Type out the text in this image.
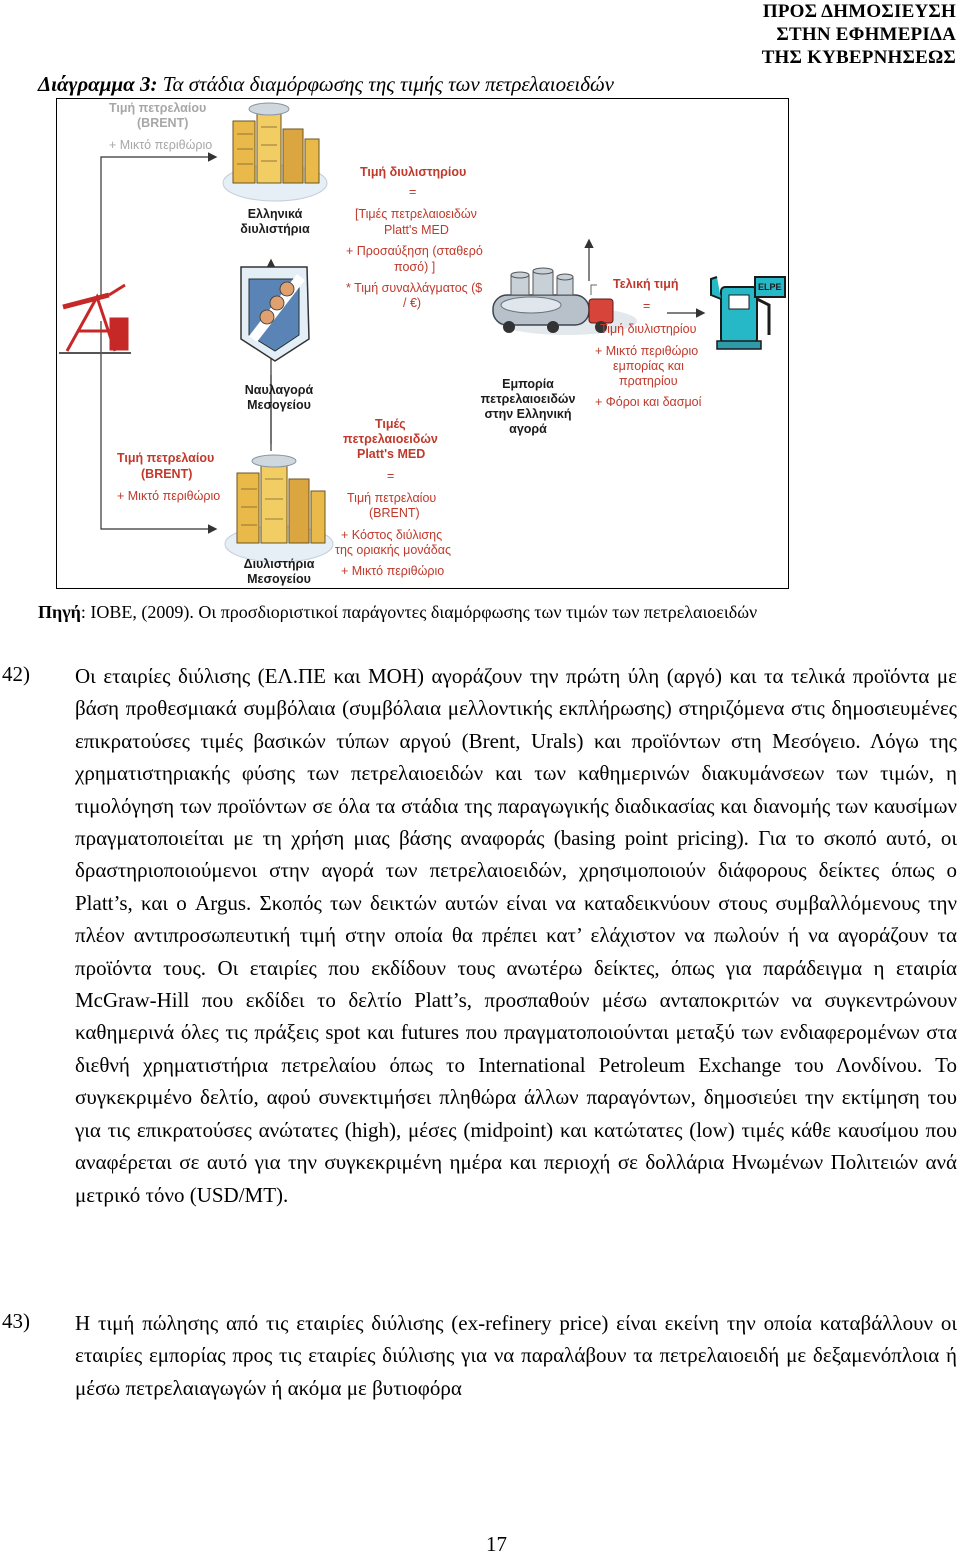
ΠΡΟΣ ΔΗΜΟΣΙΕΥΣΗ
ΣΤΗΝ ΕΦΗΜΕΡΙΔΑ
ΤΗΣ ΚΥΒΕΡΝΗΣΕΩΣ
Διάγραμμα 3: Τα στάδια διαμόρφωσης της τιμής των πετρελαιοειδών
Τιμή πετρελαίου
(BRENT)
+ Μικτό περιθώριο
Ελληνικά
διυλιστήρια
Τιμή διυλιστηρίου
=
[Τιμές πετρελαιοειδών
Platt's MED
+ Προσαύξηση (σταθερό
ποσό) ]
* Τιμή συναλλάγματος ($
/ €)
Τελική τιμή
=
Τιμή διυλιστηρίου
+ Μικτό περιθώριο
εμπορίας και
πρατηρίου
+ Φόροι και δασμοί
ELPE
Ναυλαγορά
Μεσογείου
Εμπορία
πετρελαιοειδών
στην Ελληνική
αγορά
Τιμή πετρελαίου
(BRENT)
+ Μικτό περιθώριο
Τιμές
πετρελαιοειδών
Platt's MED
=
Τιμή πετρελαίου
(BRENT)
+ Κόστος διύλισης
της οριακής μονάδας
+ Μικτό περιθώριο
Διυλιστήρια
Μεσογείου
Πηγή: ΙΟΒΕ, (2009). Οι προσδιοριστικοί παράγοντες διαμόρφωσης των τιμών των πετρελαιοειδών
42) Οι εταιρίες διύλισης (ΕΛ.ΠΕ και ΜΟΗ) αγοράζουν την πρώτη ύλη (αργό) και τα τελικά προϊόντα με βάση προθεσμιακά συμβόλαια (συμβόλαια μελλοντικής εκπλήρωσης) στηριζόμενα στις δημοσιευμένες επικρατούσες τιμές βασικών τύπων αργού (Brent, Urals) και προϊόντων στη Μεσόγειο. Λόγω της χρηματιστηριακής φύσης των πετρελαιοειδών και των καθημερινών διακυμάνσεων των τιμών, η τιμολόγηση των προϊόντων σε όλα τα στάδια της παραγωγικής διαδικασίας και διανομής των καυσίμων πραγματοποιείται με τη χρήση μιας βάσης αναφοράς (basing point pricing). Για το σκοπό αυτό, οι δραστηριοποιούμενοι στην αγορά των πετρελαιοειδών, χρησιμοποιούν διάφορους δείκτες όπως ο Platt’s, και ο Argus. Σκοπός των δεικτών αυτών είναι να καταδεικνύουν στους συμβαλλόμενους την πλέον αντιπροσωπευτική τιμή στην οποία θα πρέπει κατ’ ελάχιστον να πωλούν ή να αγοράζουν τα προϊόντα τους. Οι εταιρίες που εκδίδουν τους ανωτέρω δείκτες, όπως για παράδειγμα η εταιρία McGraw-Hill που εκδίδει το δελτίο Platt’s, προσπαθούν μέσω ανταποκριτών να συγκεντρώνουν καθημερινά όλες τις πράξεις spot και futures που πραγματοποιούνται μεταξύ των ενδιαφερομένων στα διεθνή χρηματιστήρια πετρελαίου όπως το International Petroleum Exchange του Λονδίνου. Το συγκεκριμένο δελτίο, αφού συνεκτιμήσει πληθώρα άλλων παραγόντων, δημοσιεύει την εκτίμηση του για τις επικρατούσες ανώτατες (high), μέσες (midpoint) και κατώτατες (low) τιμές κάθε καυσίμου που αναφέρεται σε αυτό για την συγκεκριμένη ημέρα και περιοχή σε δολλάρια Ηνωμένων Πολιτειών ανά μετρικό τόνο (USD/MT).
43) Η τιμή πώλησης από τις εταιρίες διύλισης (ex-refinery price) είναι εκείνη την οποία καταβάλλουν οι εταιρίες εμπορίας προς τις εταιρίες διύλισης για να παραλάβουν τα πετρελαιοειδή με δεξαμενόπλοια ή μέσω πετρελαιαγωγών ή ακόμα με βυτιοφόρα
17
